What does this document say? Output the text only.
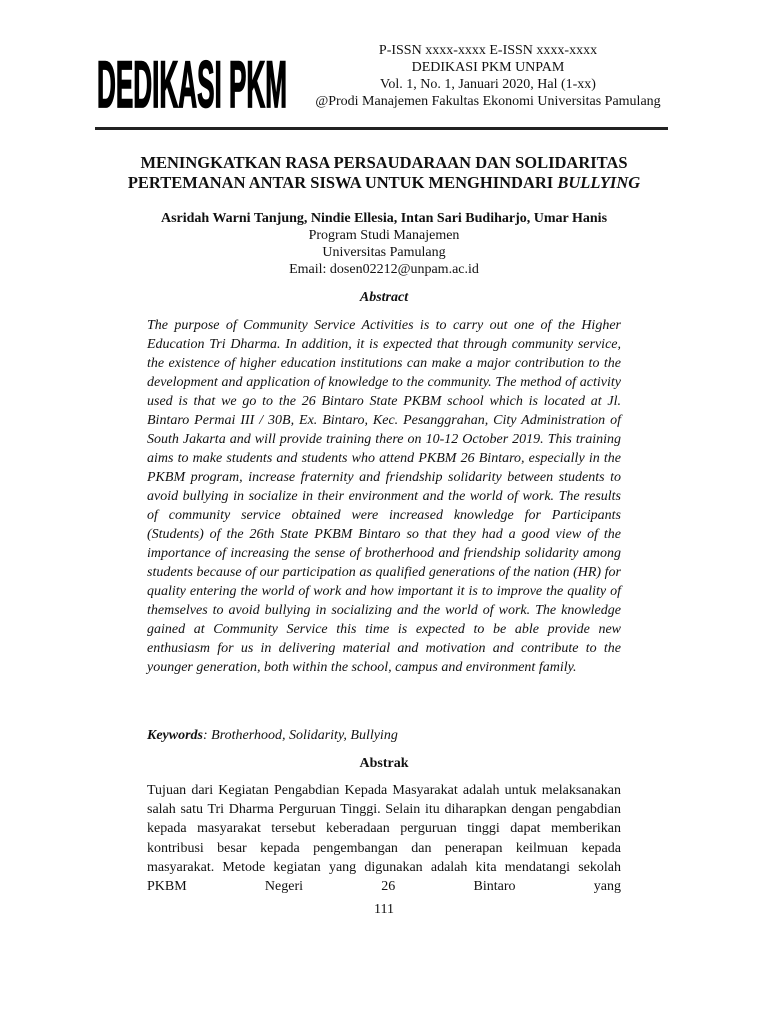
DEDIKASI PKM	P-ISSN xxxx-xxxx E-ISSN xxxx-xxxx
DEDIKASI PKM UNPAM
Vol. 1, No. 1, Januari 2020, Hal (1-xx)
@Prodi Manajemen Fakultas Ekonomi Universitas Pamulang
MENINGKATKAN RASA PERSAUDARAAN DAN SOLIDARITAS
PERTEMANAN ANTAR SISWA UNTUK MENGHINDARI BULLYING
Asridah Warni Tanjung, Nindie Ellesia, Intan Sari Budiharjo, Umar Hanis
Program Studi Manajemen
Universitas Pamulang
Email: dosen02212@unpam.ac.id
Abstract
The purpose of Community Service Activities is to carry out one of the Higher Education Tri Dharma. In addition, it is expected that through community service, the existence of higher education institutions can make a major contribution to the development and application of knowledge to the community. The method of activity used is that we go to the 26 Bintaro State PKBM school which is located at Jl. Bintaro Permai III / 30B, Ex. Bintaro, Kec. Pesanggrahan, City Administration of South Jakarta and will provide training there on 10-12 October 2019. This training aims to make students and students who attend PKBM 26 Bintaro, especially in the PKBM program, increase fraternity and friendship solidarity between students to avoid bullying in socialize in their environment and the world of work. The results of community service obtained were increased knowledge for Participants (Students) of the 26th State PKBM Bintaro so that they had a good view of the importance of increasing the sense of brotherhood and friendship solidarity among students because of our participation as qualified generations of the nation (HR) for quality entering the world of work and how important it is to improve the quality of themselves to avoid bullying in socializing and the world of work. The knowledge gained at Community Service this time is expected to be able provide new enthusiasm for us in delivering material and motivation and contribute to the younger generation, both within the school, campus and environment family.
Keywords: Brotherhood, Solidarity, Bullying
Abstrak
Tujuan dari Kegiatan Pengabdian Kepada Masyarakat adalah untuk melaksanakan salah satu Tri Dharma Perguruan Tinggi. Selain itu diharapkan dengan pengabdian kepada masyarakat tersebut keberadaan perguruan tinggi dapat memberikan kontribusi besar kepada pengembangan dan penerapan keilmuan kepada masyarakat. Metode kegiatan yang digunakan adalah kita mendatangi sekolah PKBM Negeri 26 Bintaro yang
111
